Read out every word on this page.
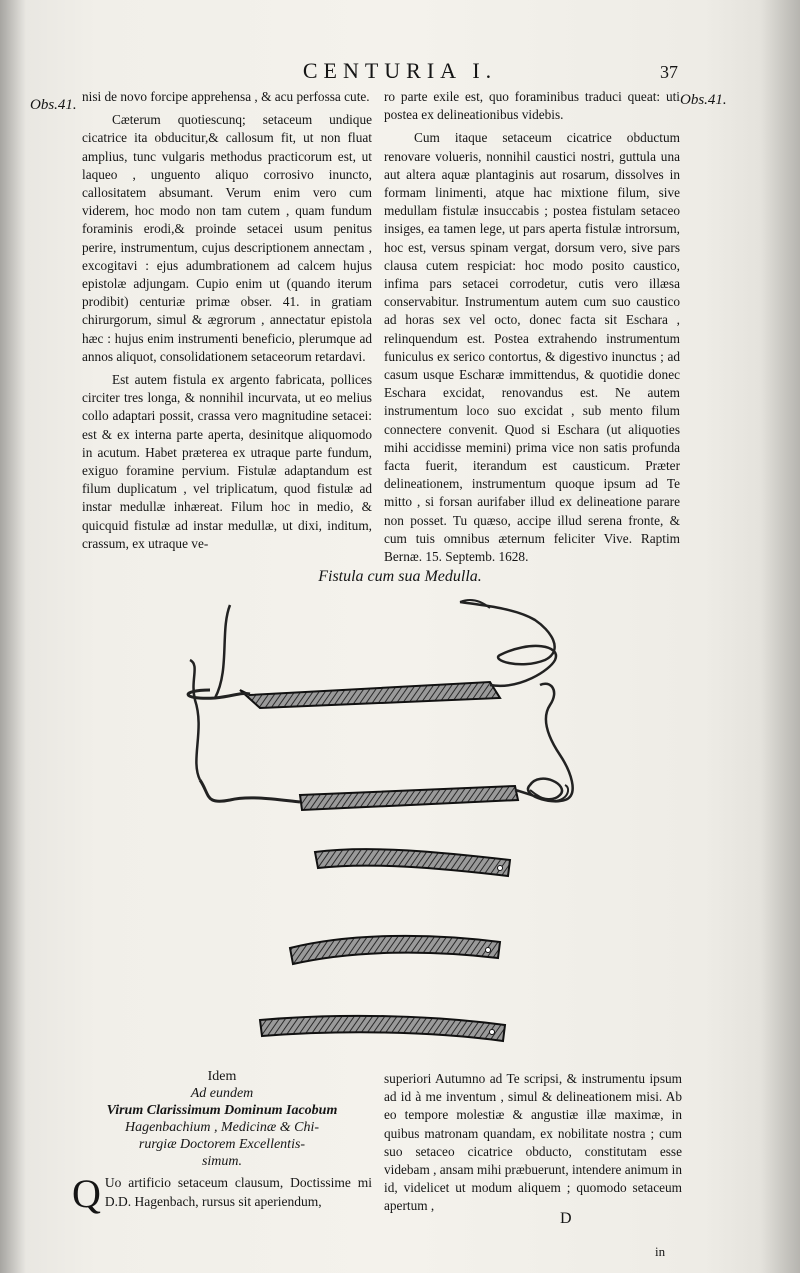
CENTURIA I.	37
Obs.41.	Obs.41.

nisi de novo forcipe apprehensa , & acu perfossa cute.

Cæterum quotiescunq; setaceum undique cicatrice ita obducitur,& callosum fit, ut non fluat amplius, tunc vulgaris methodus practicorum est, ut laqueo , unguento aliquo corrosivo inuncto, callositatem absumant. Verum enim vero cum viderem, hoc modo non tam cutem , quam fundum foraminis erodi,& proinde setacei usum penitus perire, instrumentum, cujus descriptionem annectam , excogitavi : ejus adumbrationem ad calcem hujus epistolæ adjungam. Cupio enim ut (quando iterum prodibit) centuriæ primæ obser. 41. in gratiam chirurgorum, simul & ægrorum , annectatur epistola hæc : hujus enim instrumenti beneficio, plerumque ad annos aliquot, consolidationem setaceorum retardavi.

Est autem fistula ex argento fabricata, pollices circiter tres longa, & nonnihil incurvata, ut eo melius collo adaptari possit, crassa vero magnitudine setacei: est & ex interna parte aperta, desinitque aliquomodo in acutum. Habet præterea ex utraque parte fundum, exiguo foramine pervium. Fistulæ adaptandum est filum duplicatum , vel triplicatum, quod fistulæ ad instar medullæ inhæreat. Filum hoc in medio, & quicquid fistulæ ad instar medullæ, ut dixi, inditum, crassum, ex utraque ve-

ro parte exile est, quo foraminibus traduci queat: uti postea ex delineationibus videbis.

Cum itaque setaceum cicatrice obductum renovare volueris, nonnihil caustici nostri, guttula una aut altera aquæ plantaginis aut rosarum, dissolves in formam linimenti, atque hac mixtione filum, sive medullam fistulæ insuccabis ; postea fistulam setaceo insiges, ea tamen lege, ut pars aperta fistulæ introrsum, hoc est, versus spinam vergat, dorsum vero, sive pars clausa cutem respiciat: hoc modo posito caustico, infima pars setacei corrodetur, cutis vero illæsa conservabitur. Instrumentum autem cum suo caustico ad horas sex vel octo, donec facta sit Eschara , relinquendum est. Postea extrahendo instrumentum funiculus ex serico contortus, & digestivo inunctus ; ad casum usque Escharæ immittendus, & quotidie donec Eschara excidat, renovandus est. Ne autem instrumentum loco suo excidat , sub mento filum connectere convenit. Quod si Eschara (ut aliquoties mihi accidisse memini) prima vice non satis profunda facta fuerit, iterandum est causticum. Præter delineationem, instrumentum quoque ipsum ad Te mitto , si forsan aurifaber illud ex delineatione parare non posset. Tu quæso, accipe illud serena fronte, & cum tuis omnibus æternum feliciter Vive. Raptim Bernæ. 15. Septemb. 1628.

Fistula cum sua Medulla.
Idem
Ad eundem
Virum Clarissimum Dominum Iacobum
Hagenbachium , Medicinæ & Chi-
rurgiæ Doctorem Excellentis-
simum.
Q Uo artificio setaceum clausum, Doctissime mi D.D. Hagenbach, rursus sit aperiendum,

superiori Autumno ad Te scripsi, & instrumentu ipsum ad id à me inventum , simul & delineationem misi. Ab eo tempore molestiæ & angustiæ illæ maximæ, in quibus matronam quandam, ex nobilitate nostra ; cum suo setaceo cicatrice obducto, constitutam esse videbam , ansam mihi præbuerunt, intendere animum in id, videlicet ut modum aliquem ; quomodo setaceum apertum ,

D
in
